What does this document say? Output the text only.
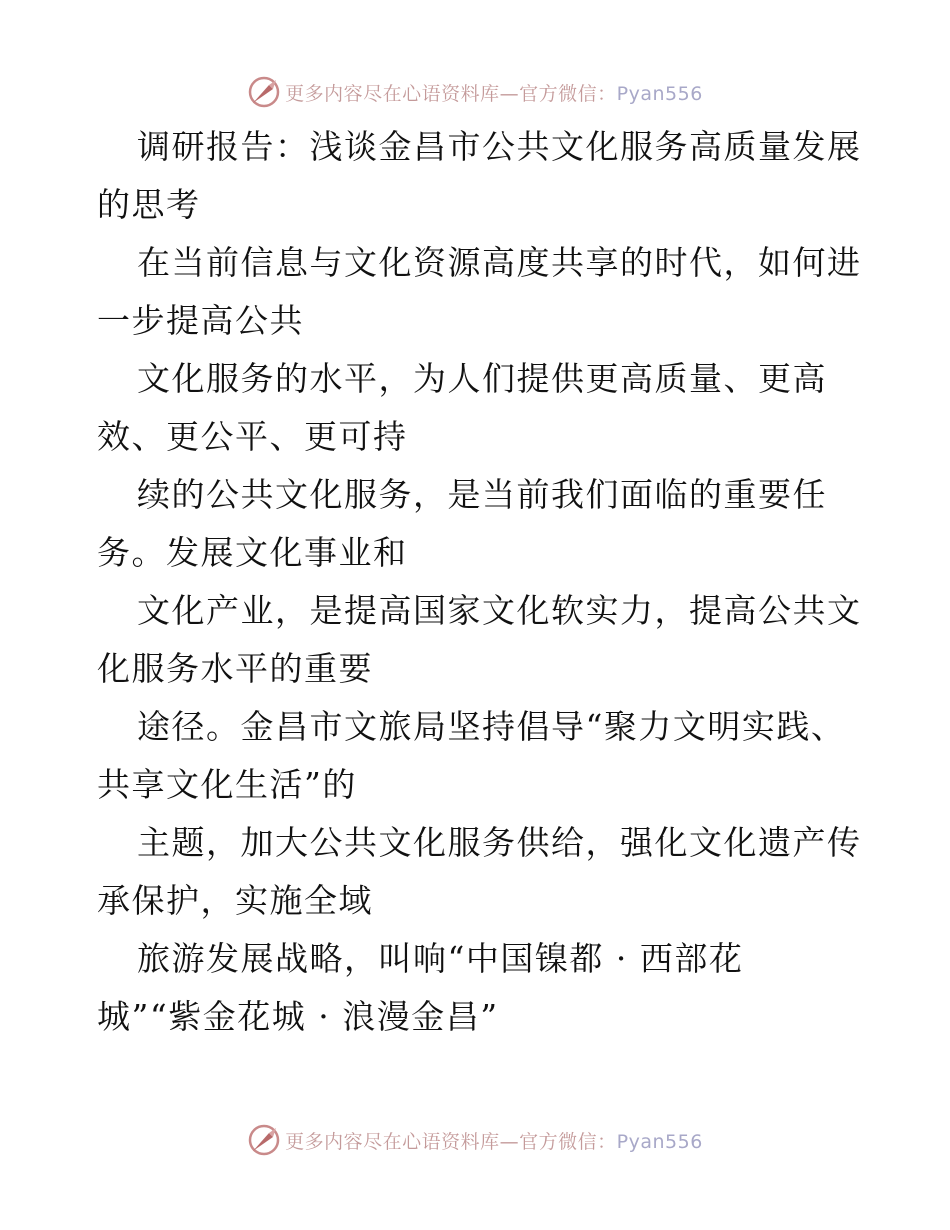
更多内容尽在心语资料库—官方微信：Pyan556
调研报告：浅谈金昌市公共文化服务高质量发展
的思考
在当前信息与文化资源高度共享的时代，如何进
一步提高公共
文化服务的水平，为人们提供更高质量、更高
效、更公平、更可持
续的公共文化服务，是当前我们面临的重要任
务。发展文化事业和
文化产业，是提高国家文化软实力，提高公共文
化服务水平的重要
途径。金昌市文旅局坚持倡导“聚力文明实践、
共享文化生活”的
主题，加大公共文化服务供给，强化文化遗产传
承保护，实施全域
旅游发展战略，叫响“中国镍都 · 西部花
城”“紫金花城 · 浪漫金昌”
更多内容尽在心语资料库—官方微信：Pyan556
